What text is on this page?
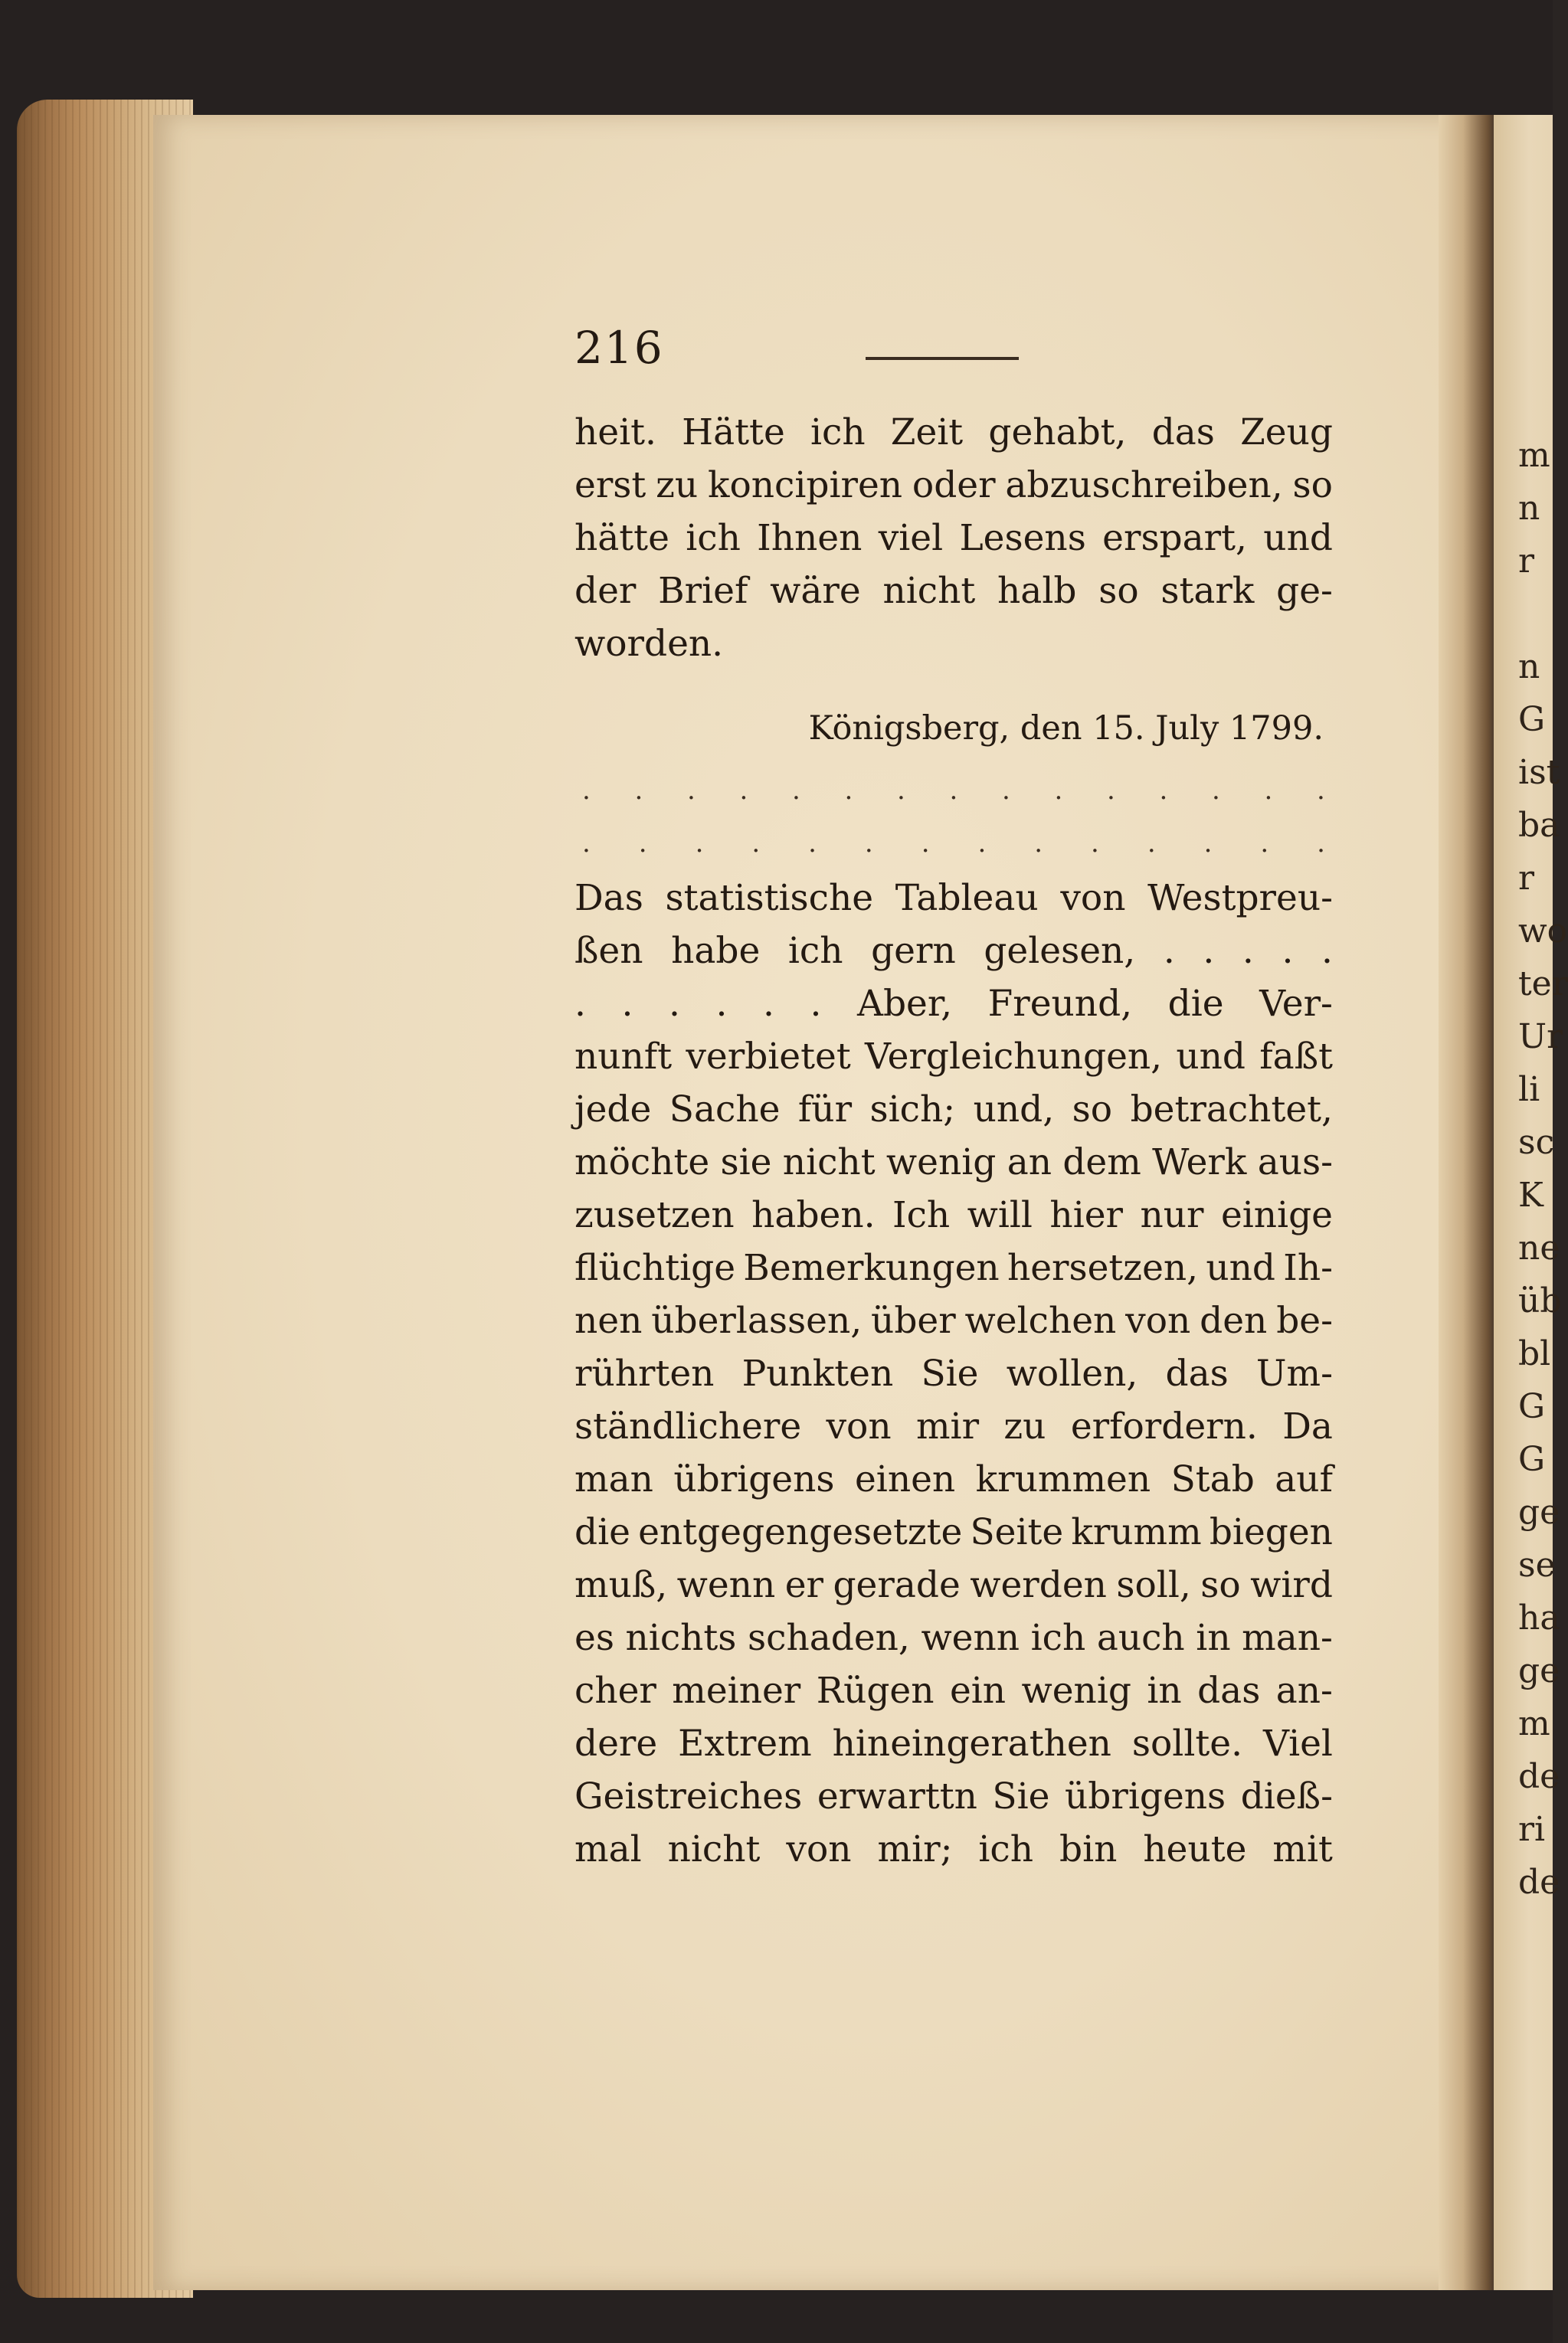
m
n
r

n
G
ist
ba
r
wo
ter
Ur
li
sc
K
ne
üb
bl
G
G
ge
se
ha
ge
m
de
ri
de
216
heit. Hätte ich Zeit gehabt, das Zeug
erst zu koncipiren oder abzuschreiben, so
hätte ich Ihnen viel Lesens erspart, und
der Brief wäre nicht halb so stark ge-
worden.
Königsberg, den 15. July 1799.
. . . . . . . . . . . . . . .
. . . . . . . . . . . . . .
Das statistische Tableau von Westpreu-
ßen habe ich gern gelesen, . . . . .
. . . . . . Aber, Freund, die Ver-
nunft verbietet Vergleichungen, und faßt
jede Sache für sich; und, so betrachtet,
möchte sie nicht wenig an dem Werk aus-
zusetzen haben. Ich will hier nur einige
flüchtige Bemerkungen hersetzen, und Ih-
nen überlassen, über welchen von den be-
rührten Punkten Sie wollen, das Um-
ständlichere von mir zu erfordern. Da
man übrigens einen krummen Stab auf
die entgegengesetzte Seite krumm biegen
muß, wenn er gerade werden soll, so wird
es nichts schaden, wenn ich auch in man-
cher meiner Rügen ein wenig in das an-
dere Extrem hineingerathen sollte. Viel
Geistreiches erwarttn Sie übrigens dieß-
mal nicht von mir; ich bin heute mit
